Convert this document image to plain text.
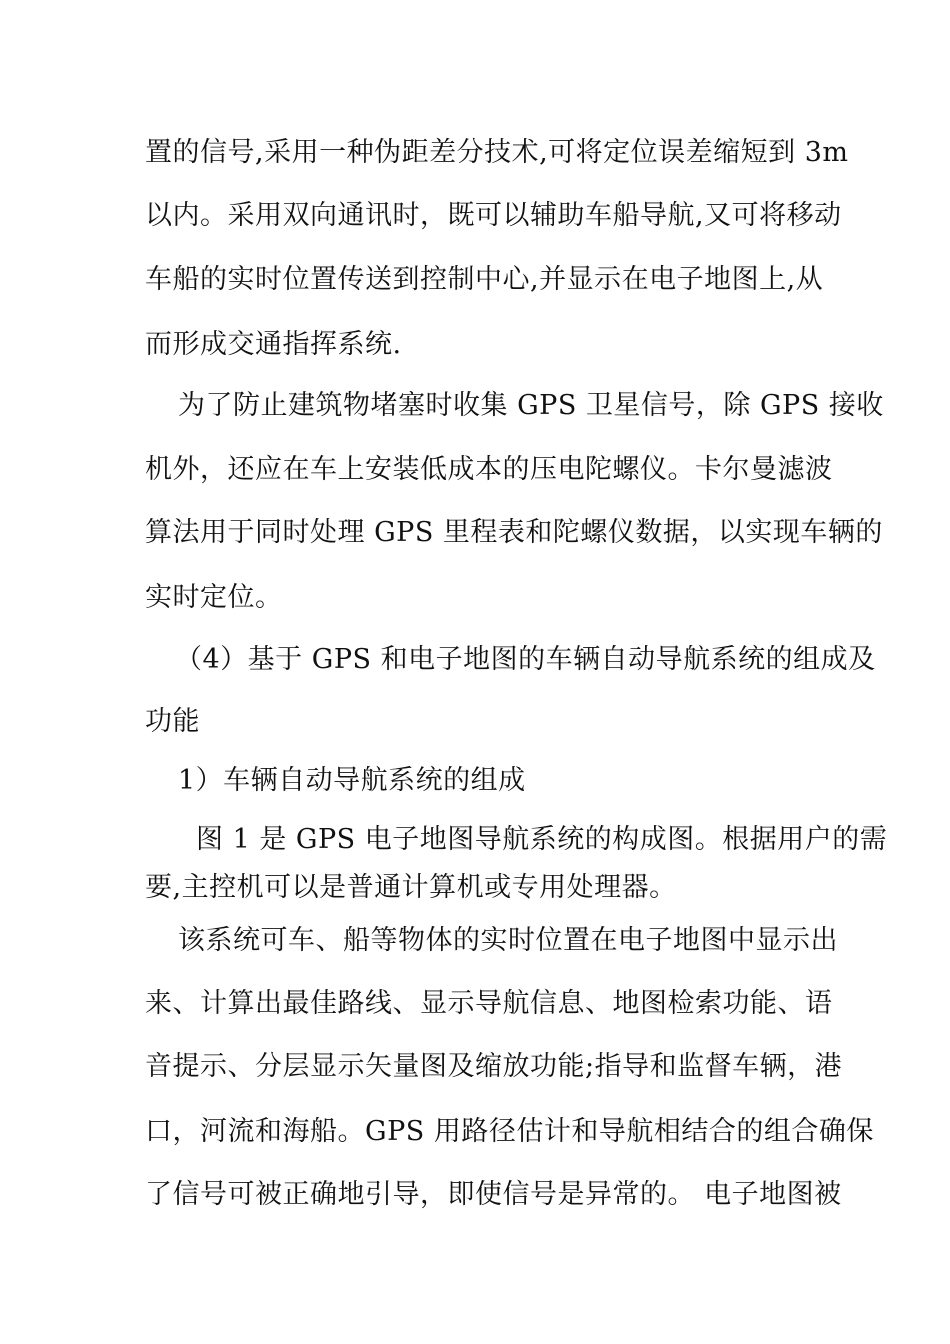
置的信号,采用一种伪距差分技术,可将定位误差缩短到 3m
以内。采用双向通讯时，既可以辅助车船导航,又可将移动
车船的实时位置传送到控制中心,并显示在电子地图上,从
而形成交通指挥系统.
为了防止建筑物堵塞时收集 GPS 卫星信号，除 GPS 接收
机外，还应在车上安装低成本的压电陀螺仪。卡尔曼滤波
算法用于同时处理 GPS 里程表和陀螺仪数据，以实现车辆的
实时定位。
（4）基于 GPS 和电子地图的车辆自动导航系统的组成及
功能
1）车辆自动导航系统的组成
图 1 是 GPS 电子地图导航系统的构成图。根据用户的需
要,主控机可以是普通计算机或专用处理器。
该系统可车、船等物体的实时位置在电子地图中显示出
来、计算出最佳路线、显示导航信息、地图检索功能、语
音提示、分层显示矢量图及缩放功能;指导和监督车辆，港
口，河流和海船。GPS 用路径估计和导航相结合的组合确保
了信号可被正确地引导，即使信号是异常的。 电子地图被
